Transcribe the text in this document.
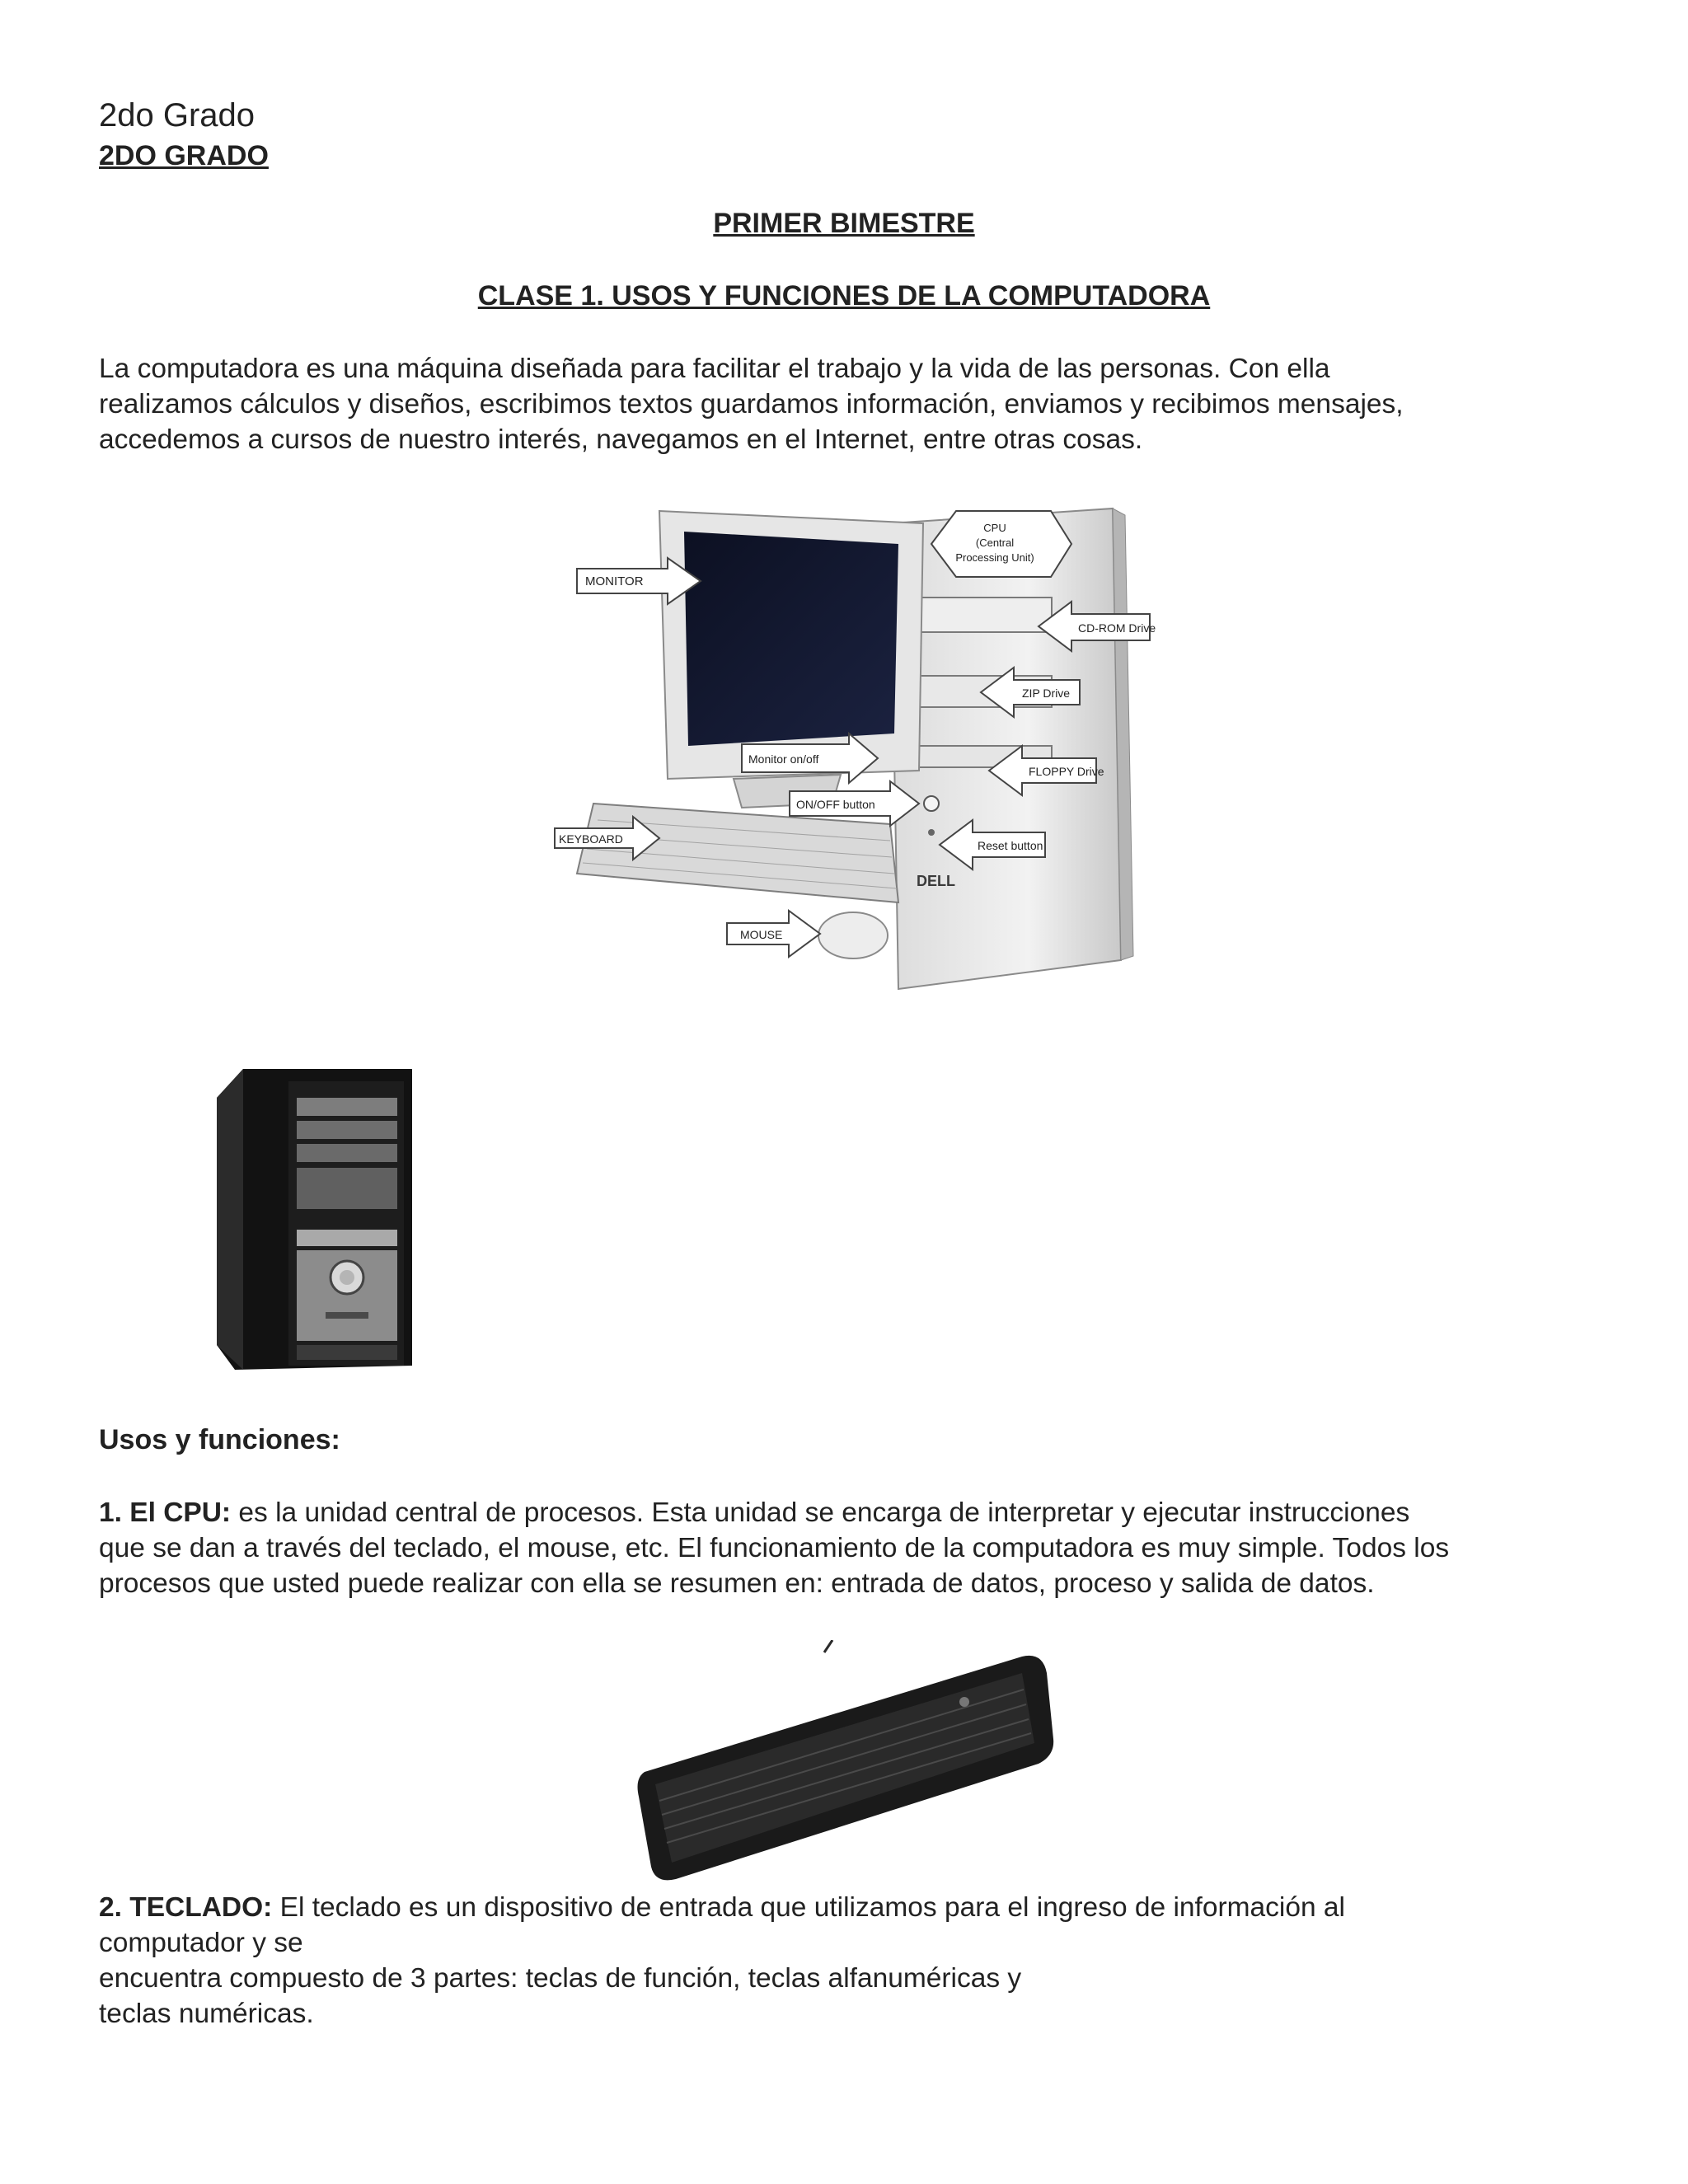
2do Grado
2DO GRADO
PRIMER BIMESTRE
CLASE 1. USOS Y FUNCIONES DE LA COMPUTADORA
La computadora es una máquina diseñada para facilitar el trabajo y la vida de las personas. Con ella
realizamos cálculos y diseños, escribimos textos guardamos información, enviamos y recibimos mensajes,
accedemos a cursos de nuestro interés, navegamos en el Internet, entre otras cosas.
DELL
MONITOR
CPU
(Central
Processing Unit)
CD-ROM Drive
ZIP Drive
FLOPPY Drive
Monitor on/off
ON/OFF button
Reset button
KEYBOARD
MOUSE
Usos y funciones:
1. El CPU: es la unidad central de procesos. Esta unidad se encarga de interpretar y ejecutar instrucciones
que se dan a través del teclado, el mouse, etc. El funcionamiento de la computadora es muy simple. Todos los
procesos que usted puede realizar con ella se resumen en: entrada de datos, proceso y salida de datos.
2. TECLADO: El teclado es un dispositivo de entrada que utilizamos para el ingreso de información al
computador y se
encuentra compuesto de 3 partes: teclas de función, teclas alfanuméricas y
teclas numéricas.
